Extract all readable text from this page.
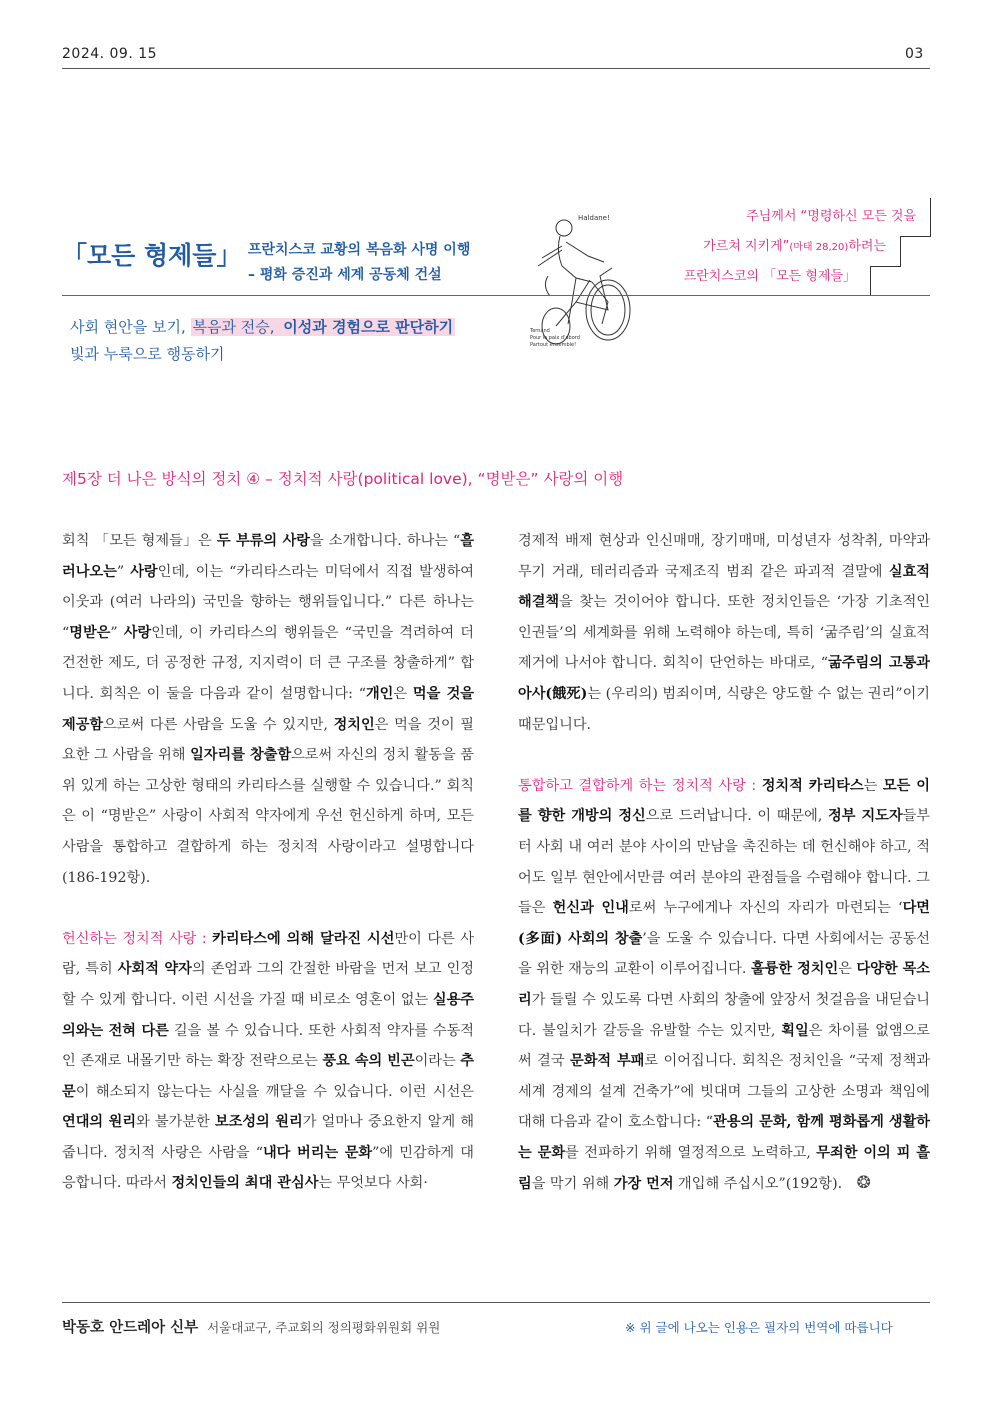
2024. 09. 15	03
「모든 형제들」 프란치스코 교황의 복음화 사명 이행
– 평화 증진과 세계 공동체 건설
Haldane!
Ternand
Pour la paix d'abord
Partout ensemble!
주님께서 “명령하신 모든 것을
가르쳐 지키게”(마태 28,20)하려는
프란치스코의 「모든 형제들」
사회 현안을 보기, 복음과 전승, 이성과 경험으로 판단하기
빛과 누룩으로 행동하기
제5장 더 나은 방식의 정치 ④ – 정치적 사랑(political love), “명받은” 사랑의 이행

회칙 「모든 형제들」은 두 부류의 사랑을 소개합니다. 하나는 “흘러나오는” 사랑인데, 이는 “카리타스라는 미덕에서 직접 발생하여 이웃과 (여러 나라의) 국민을 향하는 행위들입니다.” 다른 하나는 “명받은” 사랑인데, 이 카리타스의 행위들은 “국민을 격려하여 더 건전한 제도, 더 공정한 규정, 지지력이 더 큰 구조를 창출하게” 합니다. 회칙은 이 둘을 다음과 같이 설명합니다: “개인은 먹을 것을 제공함으로써 다른 사람을 도울 수 있지만, 정치인은 먹을 것이 필요한 그 사람을 위해 일자리를 창출함으로써 자신의 정치 활동을 품위 있게 하는 고상한 형태의 카리타스를 실행할 수 있습니다.” 회칙은 이 “명받은” 사랑이 사회적 약자에게 우선 헌신하게 하며, 모든 사람을 통합하고 결합하게 하는 정치적 사랑이라고 설명합니다(186-192항).

헌신하는 정치적 사랑 : 카리타스에 의해 달라진 시선만이 다른 사람, 특히 사회적 약자의 존엄과 그의 간절한 바람을 먼저 보고 인정할 수 있게 합니다. 이런 시선을 가질 때 비로소 영혼이 없는 실용주의와는 전혀 다른 길을 볼 수 있습니다. 또한 사회적 약자를 수동적인 존재로 내몰기만 하는 확장 전략으로는 풍요 속의 빈곤이라는 추문이 해소되지 않는다는 사실을 깨달을 수 있습니다. 이런 시선은 연대의 원리와 불가분한 보조성의 원리가 얼마나 중요한지 알게 해줍니다. 정치적 사랑은 사람을 “내다 버리는 문화”에 민감하게 대응합니다. 따라서 정치인들의 최대 관심사는 무엇보다 사회·

경제적 배제 현상과 인신매매, 장기매매, 미성년자 성착취, 마약과 무기 거래, 테러리즘과 국제조직 범죄 같은 파괴적 결말에 실효적 해결책을 찾는 것이어야 합니다. 또한 정치인들은 ‘가장 기초적인 인권들’의 세계화를 위해 노력해야 하는데, 특히 ‘굶주림’의 실효적 제거에 나서야 합니다. 회칙이 단언하는 바대로, “굶주림의 고통과 아사(餓死)는 (우리의) 범죄이며, 식량은 양도할 수 없는 권리”이기 때문입니다.

통합하고 결합하게 하는 정치적 사랑 : 정치적 카리타스는 모든 이를 향한 개방의 정신으로 드러납니다. 이 때문에, 정부 지도자들부터 사회 내 여러 분야 사이의 만남을 촉진하는 데 헌신해야 하고, 적어도 일부 현안에서만큼 여러 분야의 관점들을 수렴해야 합니다. 그들은 헌신과 인내로써 누구에게나 자신의 자리가 마련되는 ‘다면(多面) 사회의 창출’을 도울 수 있습니다. 다면 사회에서는 공동선을 위한 재능의 교환이 이루어집니다. 훌륭한 정치인은 다양한 목소리가 들릴 수 있도록 다면 사회의 창출에 앞장서 첫걸음을 내딛습니다. 불일치가 갈등을 유발할 수는 있지만, 획일은 차이를 없앰으로써 결국 문화적 부패로 이어집니다. 회칙은 정치인을 “국제 정책과 세계 경제의 설계 건축가”에 빗대며 그들의 고상한 소명과 책임에 대해 다음과 같이 호소합니다: “관용의 문화, 함께 평화롭게 생활하는 문화를 전파하기 위해 열정적으로 노력하고, 무죄한 이의 피 흘림을 막기 위해 가장 먼저 개입해 주십시오”(192항). ❂

박동호 안드레아 신부 서울대교구, 주교회의 정의평화위원회 위원	※ 위 글에 나오는 인용은 필자의 번역에 따릅니다
